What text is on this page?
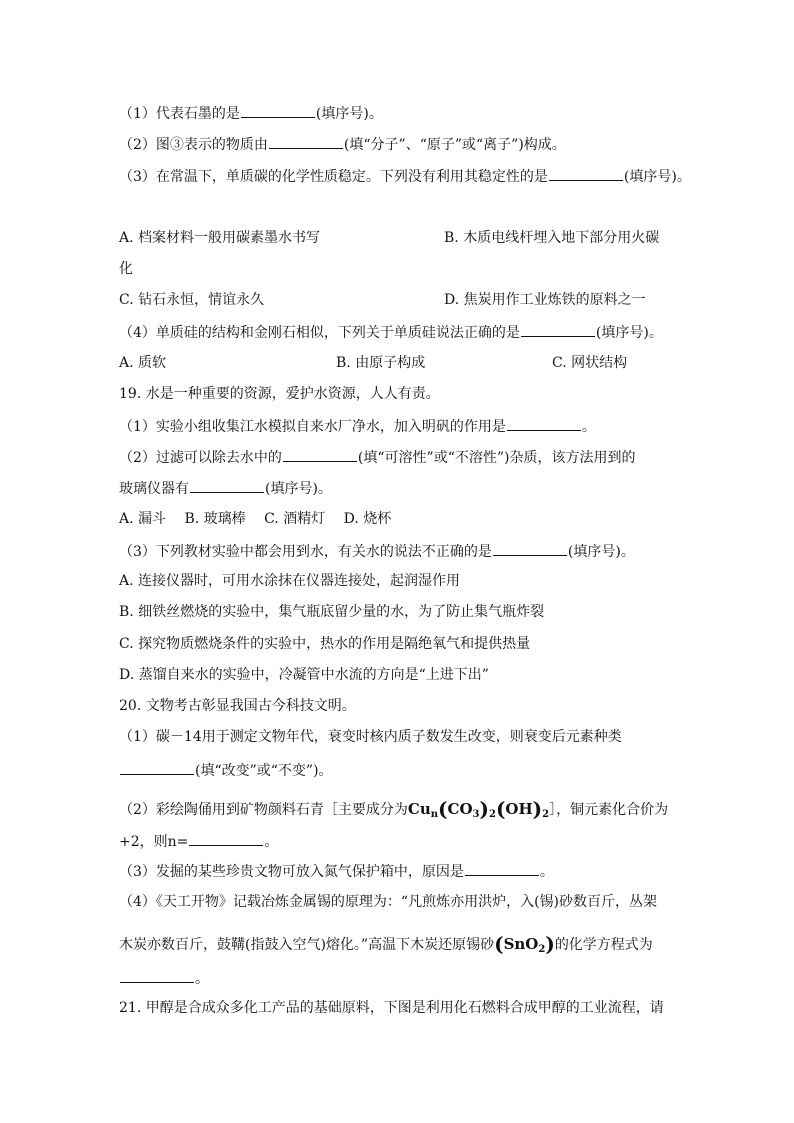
（1）代表石墨的是	(填序号)。
（2）图③表示的物质由	(填“分子”、“原子”或“离子”)构成。
（3）在常温下，单质碳的化学性质稳定。下列没有利用其稳定性的是	(填序号)。
A. 档案材料一般用碳素墨水书写	B. 木质电线杆埋入地下部分用火碳
化
C. 钻石永恒，情谊永久	D. 焦炭用作工业炼铁的原料之一
（4）单质硅的结构和金刚石相似，下列关于单质硅说法正确的是	(填序号)。
A. 质软	B. 由原子构成	C. 网状结构
19. 水是一种重要的资源，爱护水资源，人人有责。
（1）实验小组收集江水模拟自来水厂净水，加入明矾的作用是	。
（2）过滤可以除去水中的	(填“可溶性”或“不溶性”)杂质，该方法用到的
玻璃仪器有	(填序号)。
A. 漏斗　 B. 玻璃棒　 C. 酒精灯　 D. 烧杯
（3）下列教材实验中都会用到水，有关水的说法不正确的是	(填序号)。
A. 连接仪器时，可用水涂抹在仪器连接处，起润湿作用
B. 细铁丝燃烧的实验中，集气瓶底留少量的水，为了防止集气瓶炸裂
C. 探究物质燃烧条件的实验中，热水的作用是隔绝氧气和提供热量
D. 蒸馏自来水的实验中，冷凝管中水流的方向是“上进下出”
20. 文物考古彰显我国古今科技文明。
（1）碳－14用于测定文物年代，衰变时核内质子数发生改变，则衰变后元素种类
(填“改变”或“不变”)。
（2）彩绘陶俑用到矿物颜料石青［主要成分为$Cu_n(CO_3)_2(OH)_2]$，铜元素化合价为
+2，则n=	。
（3）发掘的某些珍贵文物可放入氮气保护箱中，原因是	。
（4）《天工开物》记载冶炼金属锡的原理为：“凡煎炼亦用洪炉，入(锡)砂数百斤，丛架
木炭亦数百斤，鼓鞲(指鼓入空气)熔化。”高温下木炭还原锡砂(SnO$_2$)的化学方程式为
。
21. 甲醇是合成众多化工产品的基础原料，下图是利用化石燃料合成甲醇的工业流程，请
